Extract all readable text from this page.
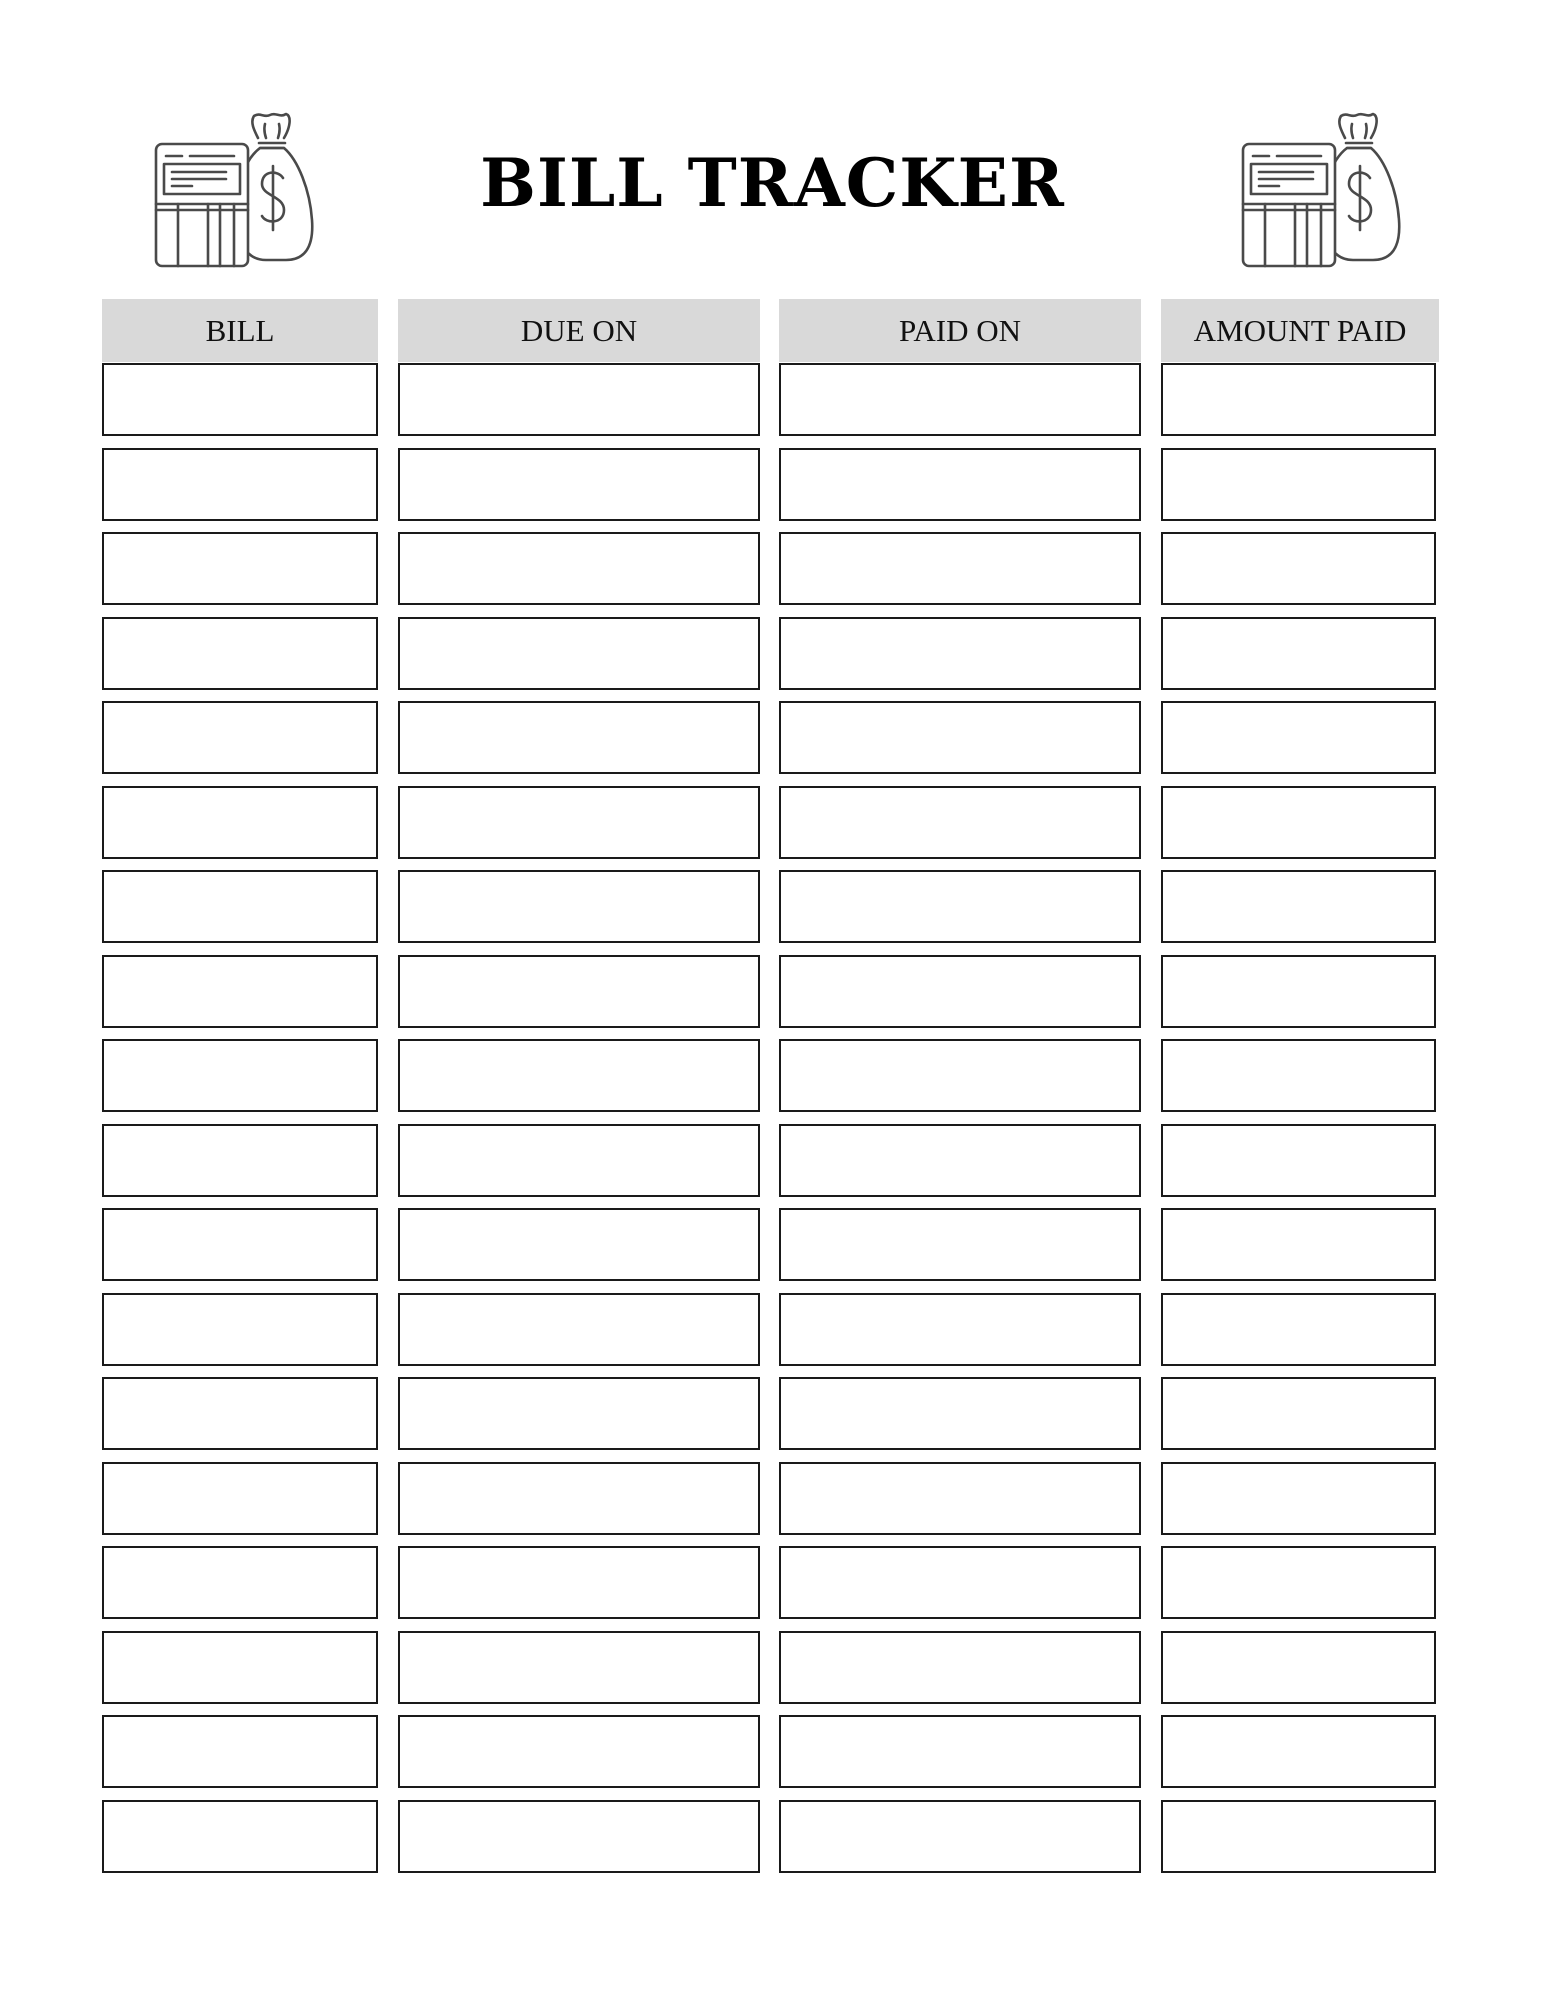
BILL TRACKER
BILL	DUE ON	PAID ON	AMOUNT PAID
